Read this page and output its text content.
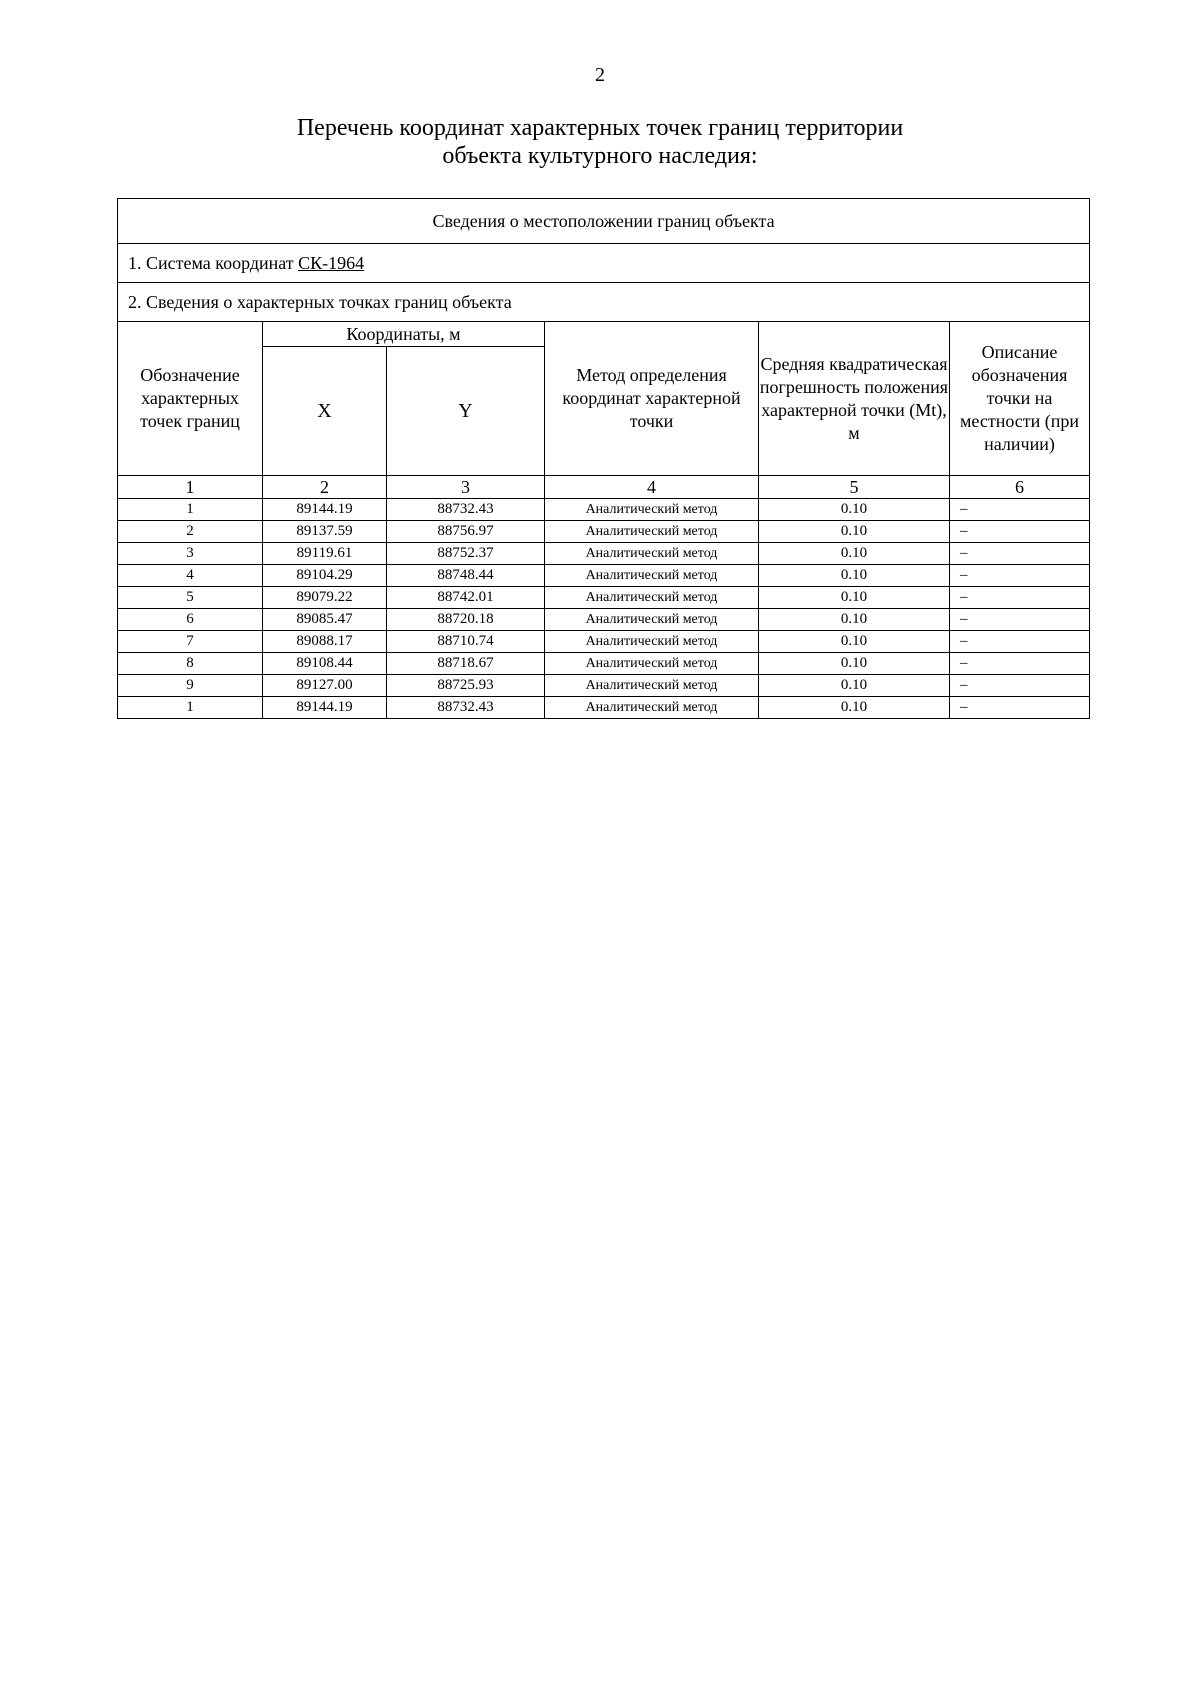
2
Перечень координат характерных точек границ территории
объекта культурного наследия:
Сведения о местоположении границ объекта					
1. Система координат СК-1964					
2. Сведения о характерных точках границ объекта					
Обозначение характерных точек границ	Координаты, м		Метод определения координат характерной точки	Средняя квадратическая погрешность положения характерной точки (Mt), м	Описание обозначения точки на местности (при наличии)
	X	Y			
1	2	3	4	5	6
1	89144.19	88732.43	Аналитический метод	0.10	–
2	89137.59	88756.97	Аналитический метод	0.10	–
3	89119.61	88752.37	Аналитический метод	0.10	–
4	89104.29	88748.44	Аналитический метод	0.10	–
5	89079.22	88742.01	Аналитический метод	0.10	–
6	89085.47	88720.18	Аналитический метод	0.10	–
7	89088.17	88710.74	Аналитический метод	0.10	–
8	89108.44	88718.67	Аналитический метод	0.10	–
9	89127.00	88725.93	Аналитический метод	0.10	–
1	89144.19	88732.43	Аналитический метод	0.10	–
